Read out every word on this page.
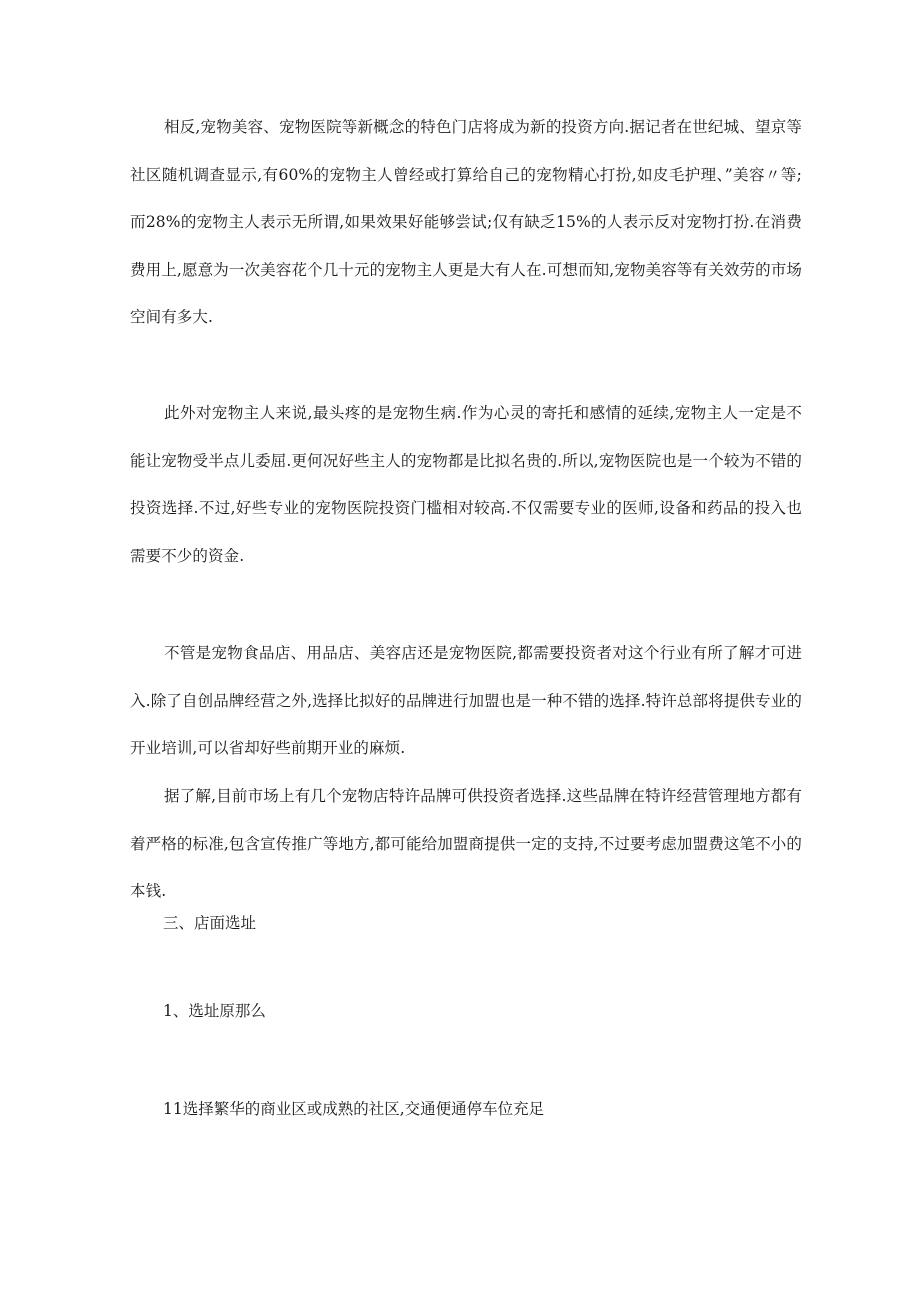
相反,宠物美容、宠物医院等新概念的特色门店将成为新的投资方向.据记者在世纪城、望京等社区随机调查显示,有60%的宠物主人曾经或打算给自己的宠物精心打扮,如皮毛护理、”美容〃等;而28%的宠物主人表示无所谓,如果效果好能够尝试;仅有缺乏15%的人表示反对宠物打扮.在消费费用上,愿意为一次美容花个几十元的宠物主人更是大有人在.可想而知,宠物美容等有关效劳的市场空间有多大.

此外对宠物主人来说,最头疼的是宠物生病.作为心灵的寄托和感情的延续,宠物主人一定是不能让宠物受半点儿委屈.更何况好些主人的宠物都是比拟名贵的.所以,宠物医院也是一个较为不错的投资选择.不过,好些专业的宠物医院投资门槛相对较高.不仅需要专业的医师,设备和药品的投入也需要不少的资金.

不管是宠物食品店、用品店、美容店还是宠物医院,都需要投资者对这个行业有所了解才可进入.除了自创品牌经营之外,选择比拟好的品牌进行加盟也是一种不错的选择.特许总部将提供专业的开业培训,可以省却好些前期开业的麻烦.

据了解,目前市场上有几个宠物店特许品牌可供投资者选择.这些品牌在特许经营管理地方都有着严格的标准,包含宣传推广等地方,都可能给加盟商提供一定的支持,不过要考虑加盟费这笔不小的本钱.

三、店面选址

1、选址原那么

11选择繁华的商业区或成熟的社区,交通便通停车位充足
